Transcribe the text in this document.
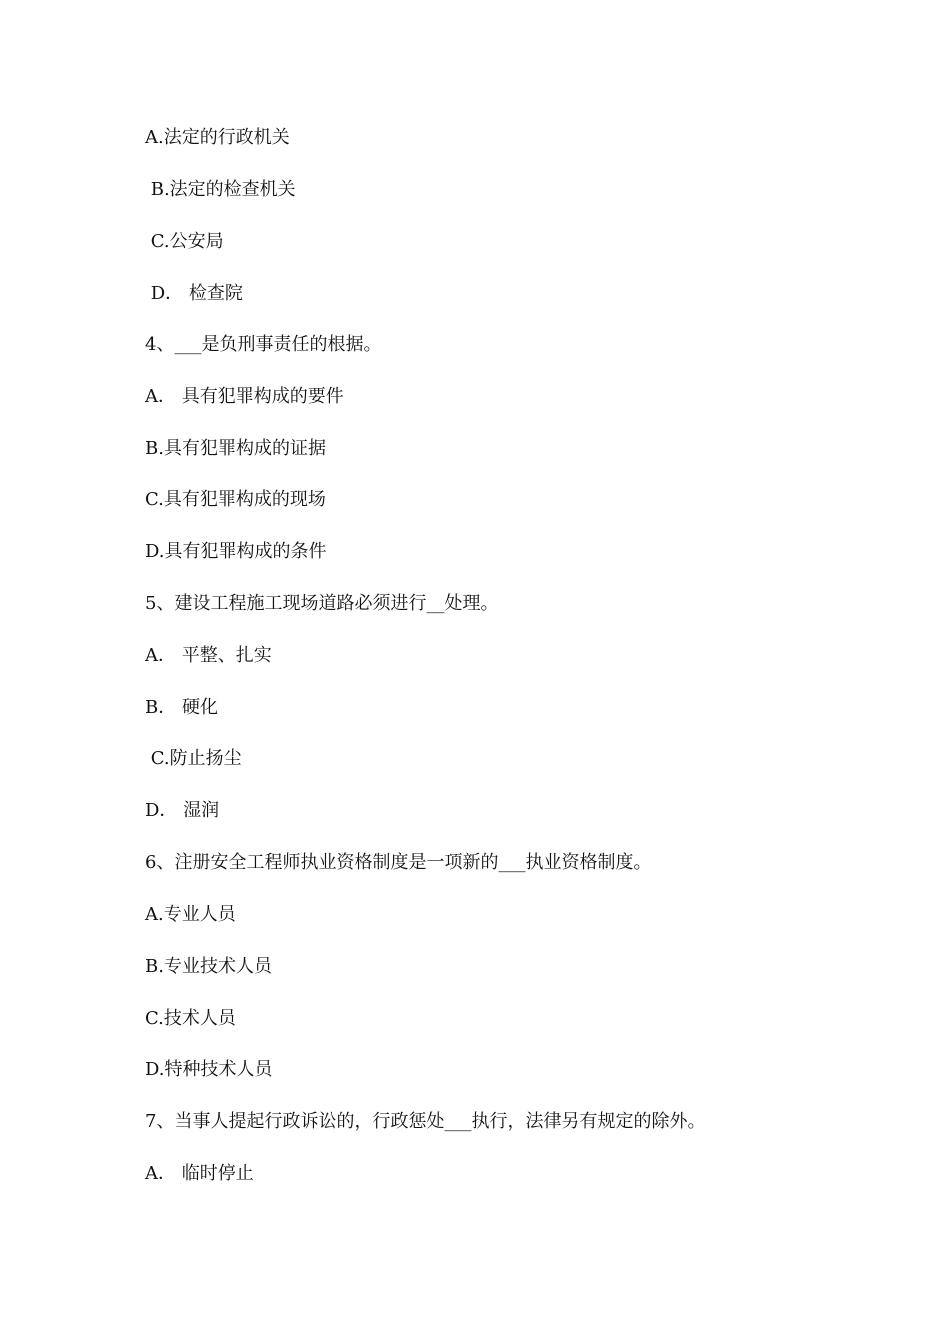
A.法定的行政机关
B.法定的检查机关
C.公安局
D． 检查院
4、___是负刑事责任的根据。
A． 具有犯罪构成的要件
B.具有犯罪构成的证据
C.具有犯罪构成的现场
D.具有犯罪构成的条件
5、建设工程施工现场道路必须进行__处理。
A． 平整、扎实
B． 硬化
C.防止扬尘
D． 湿润
6、注册安全工程师执业资格制度是一项新的___执业资格制度。
A.专业人员
B.专业技术人员
C.技术人员
D.特种技术人员
7、当事人提起行政诉讼的，行政惩处___执行，法律另有规定的除外。
A． 临时停止
